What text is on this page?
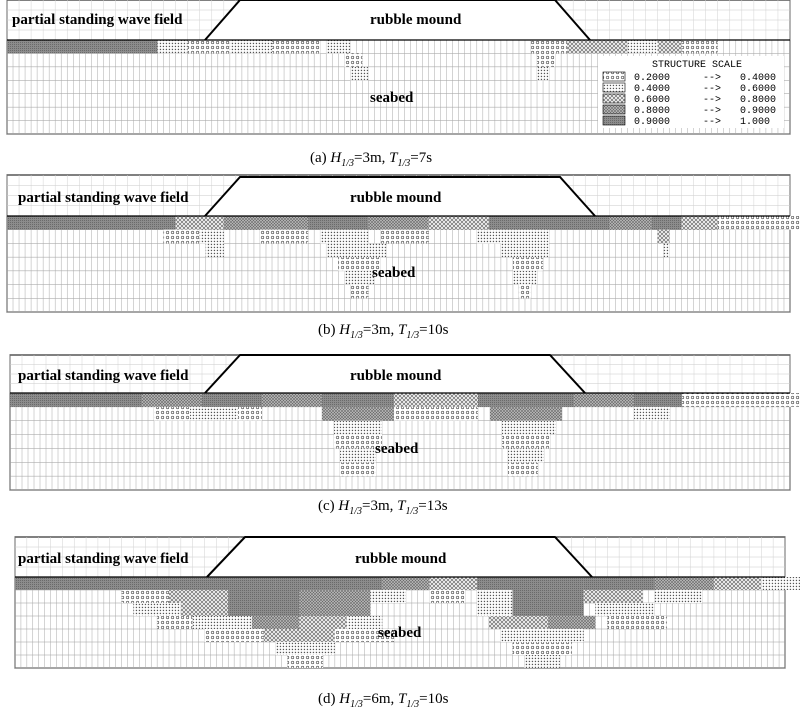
partial standing wave field	rubble mound
seabed
(a) $H_{1/3}=3m$, $T_{1/3}=7s$
STRUCTURE SCALE
0.2000	--> 0.4000
0.4000	--> 0.6000
0.6000	--> 0.8000
0.8000	--> 0.9000
0.9000	--> 1.000
partial standing wave field	rubble mound
seabed
(b) $H_{1/3}=3m$, $T_{1/3}=10s$
partial standing wave field	rubble mound
seabed
(c) $H_{1/3}=3m$, $T_{1/3}=13s$
partial standing wave field	rubble mound
seabed
(d) $H_{1/3}=6m$, $T_{1/3}=10s$
